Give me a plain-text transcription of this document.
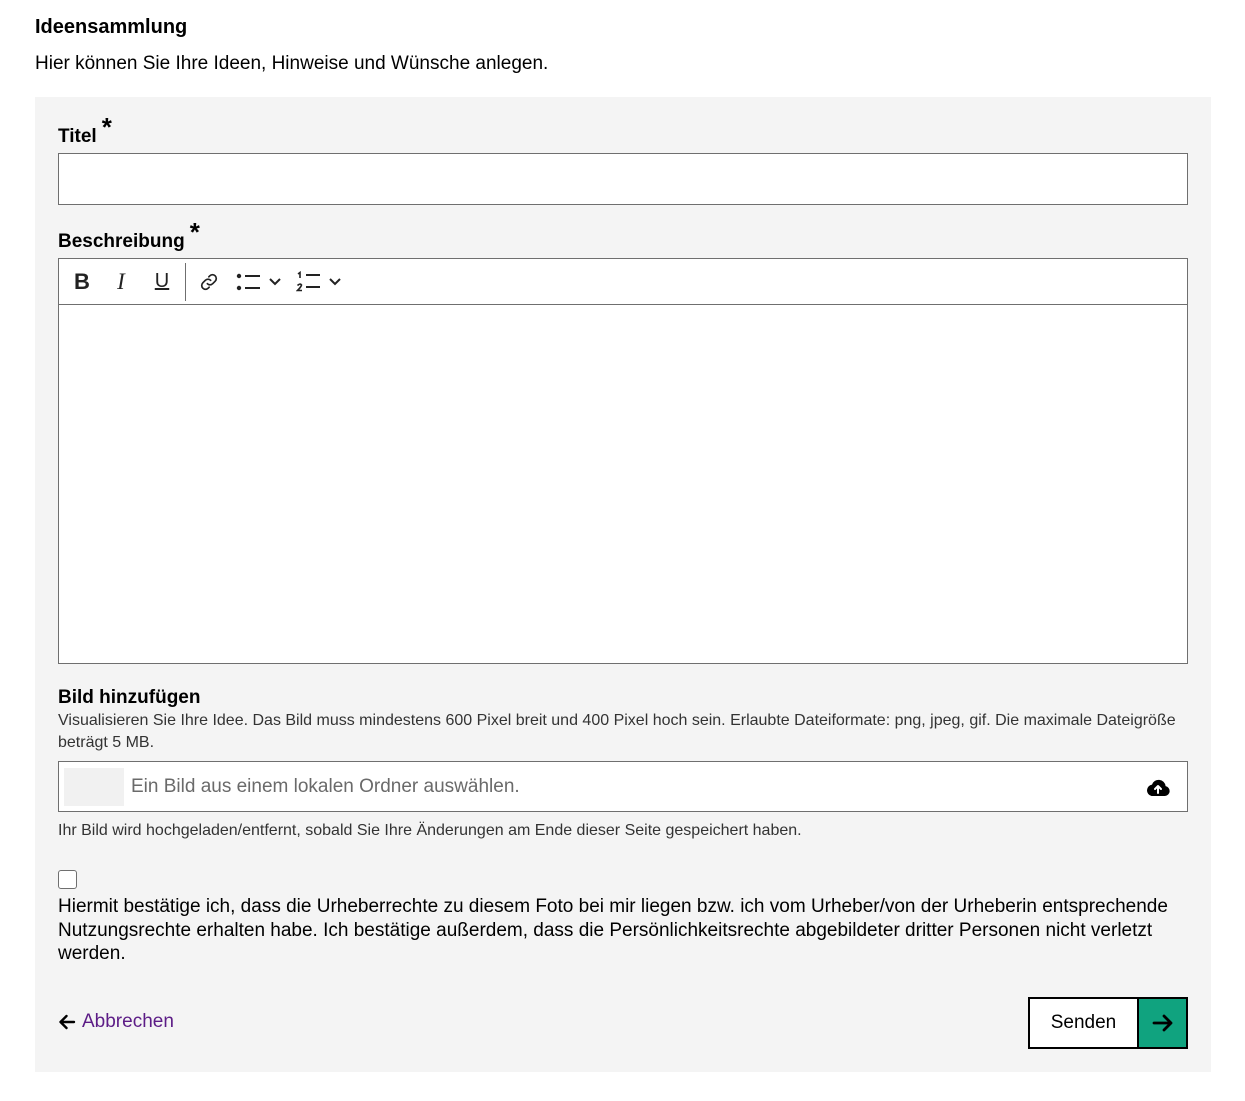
Ideensammlung

Hier können Sie Ihre Ideen, Hinweise und Wünsche anlegen.

Titel *
Beschreibung *
B	I	U
Bild hinzufügen

Visualisieren Sie Ihre Idee. Das Bild muss mindestens 600 Pixel breit und 400 Pixel hoch sein. Erlaubte Dateiformate: png, jpeg, gif. Die maximale Dateigröße beträgt 5 MB.

Ein Bild aus einem lokalen Ordner auswählen.

Ihr Bild wird hochgeladen/entfernt, sobald Sie Ihre Änderungen am Ende dieser Seite gespeichert haben.

Hiermit bestätige ich, dass die Urheberrechte zu diesem Foto bei mir liegen bzw. ich vom Urheber/von der Urheberin entsprechende Nutzungsrechte erhalten habe. Ich bestätige außerdem, dass die Persönlichkeitsrechte abgebildeter dritter Personen nicht verletzt werden.

Abbrechen	Senden
